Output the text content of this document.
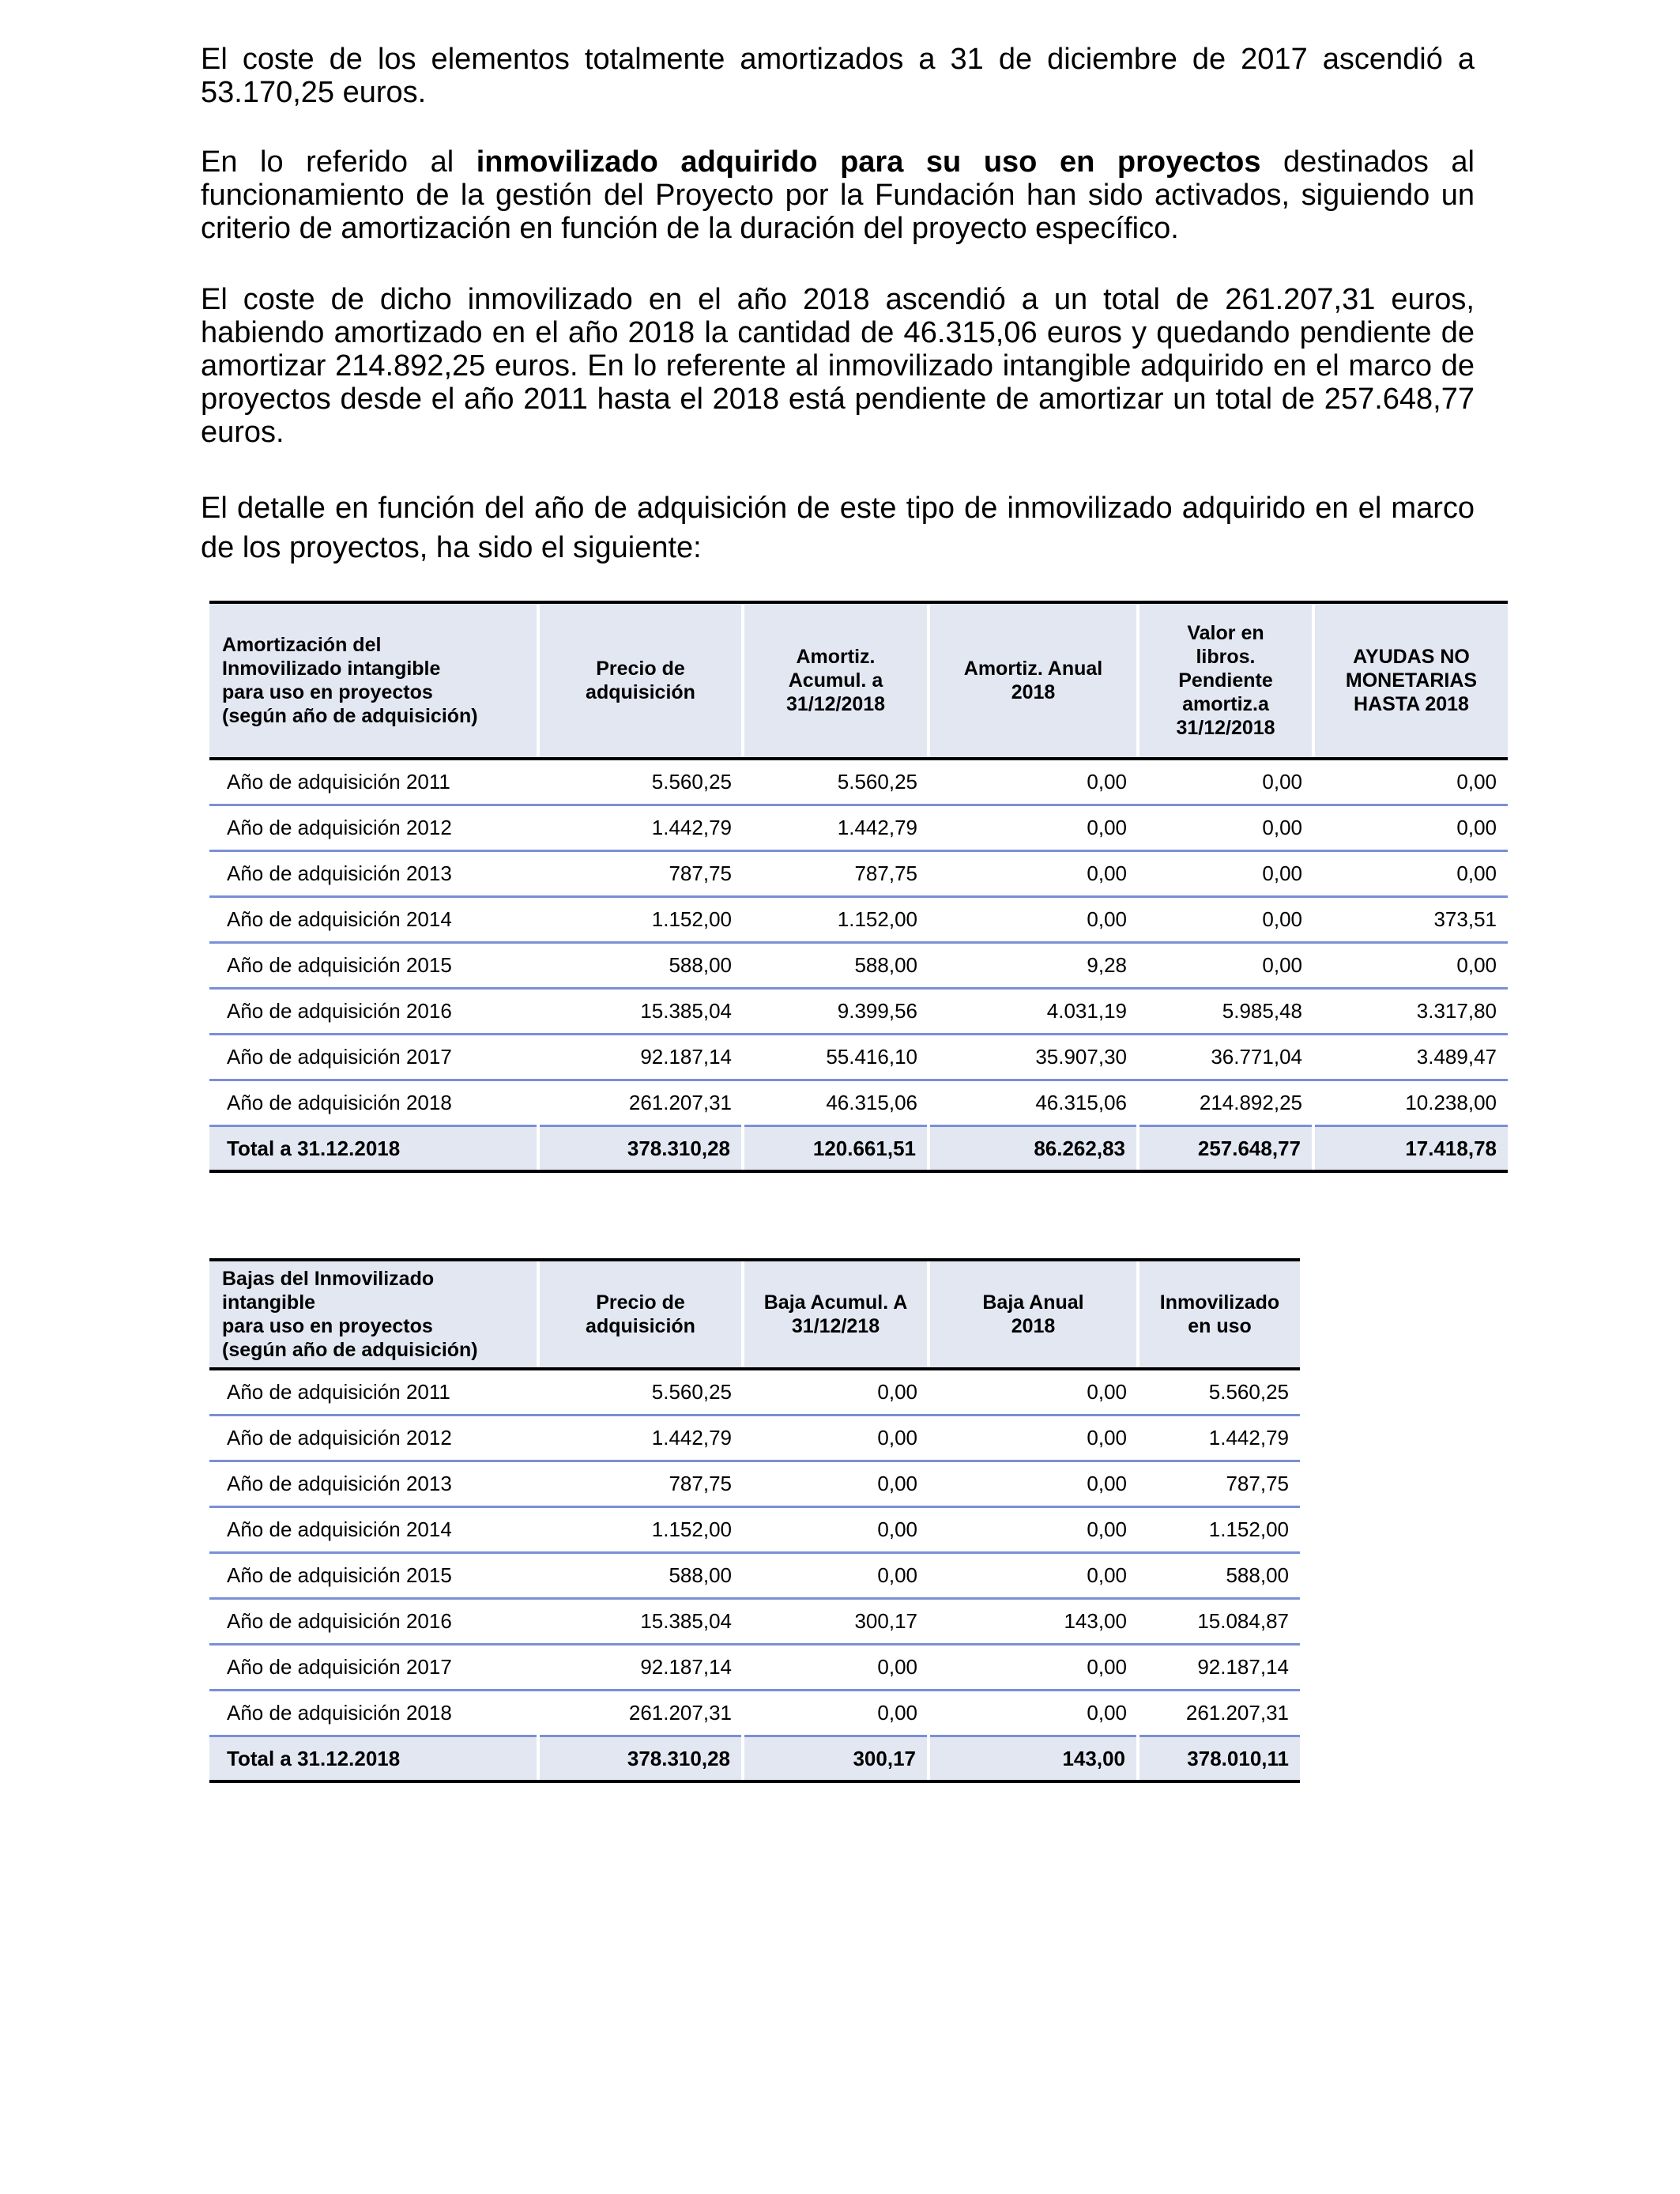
El coste de los elementos totalmente amortizados a 31 de diciembre de 2017 ascendió a 53.170,25 euros.

En lo referido al inmovilizado adquirido para su uso en proyectos destinados al funcionamiento de la gestión del Proyecto por la Fundación han sido activados, siguiendo un criterio de amortización en función de la duración del proyecto específico.

El coste de dicho inmovilizado en el año 2018 ascendió a un total de 261.207,31 euros, habiendo amortizado en el año 2018 la cantidad de 46.315,06 euros y quedando pendiente de amortizar 214.892,25 euros. En lo referente al inmovilizado intangible adquirido en el marco de proyectos desde el año 2011 hasta el 2018 está pendiente de amortizar un total de 257.648,77 euros.

El detalle en función del año de adquisición de este tipo de inmovilizado adquirido en el marco de los proyectos, ha sido el siguiente:

Amortización del
Inmovilizado intangible
para uso en proyectos
(según año de adquisición)	Precio de
adquisición	Amortiz.
Acumul. a
31/12/2018	Amortiz. Anual
2018	Valor en
libros.
Pendiente
amortiz.a
31/12/2018	AYUDAS NO
MONETARIAS
HASTA 2018
Año de adquisición 2011	5.560,25	5.560,25	0,00	0,00	0,00
Año de adquisición 2012	1.442,79	1.442,79	0,00	0,00	0,00
Año de adquisición 2013	787,75	787,75	0,00	0,00	0,00
Año de adquisición 2014	1.152,00	1.152,00	0,00	0,00	373,51
Año de adquisición 2015	588,00	588,00	9,28	0,00	0,00
Año de adquisición 2016	15.385,04	9.399,56	4.031,19	5.985,48	3.317,80
Año de adquisición 2017	92.187,14	55.416,10	35.907,30	36.771,04	3.489,47
Año de adquisición 2018	261.207,31	46.315,06	46.315,06	214.892,25	10.238,00
Total a 31.12.2018	378.310,28	120.661,51	86.262,83	257.648,77	17.418,78
Bajas del Inmovilizado
intangible
para uso en proyectos
(según año de adquisición)	Precio de
adquisición	Baja Acumul. A
31/12/218	Baja Anual
2018	Inmovilizado
en uso
Año de adquisición 2011	5.560,25	0,00	0,00	5.560,25
Año de adquisición 2012	1.442,79	0,00	0,00	1.442,79
Año de adquisición 2013	787,75	0,00	0,00	787,75
Año de adquisición 2014	1.152,00	0,00	0,00	1.152,00
Año de adquisición 2015	588,00	0,00	0,00	588,00
Año de adquisición 2016	15.385,04	300,17	143,00	15.084,87
Año de adquisición 2017	92.187,14	0,00	0,00	92.187,14
Año de adquisición 2018	261.207,31	0,00	0,00	261.207,31
Total a 31.12.2018	378.310,28	300,17	143,00	378.010,11
